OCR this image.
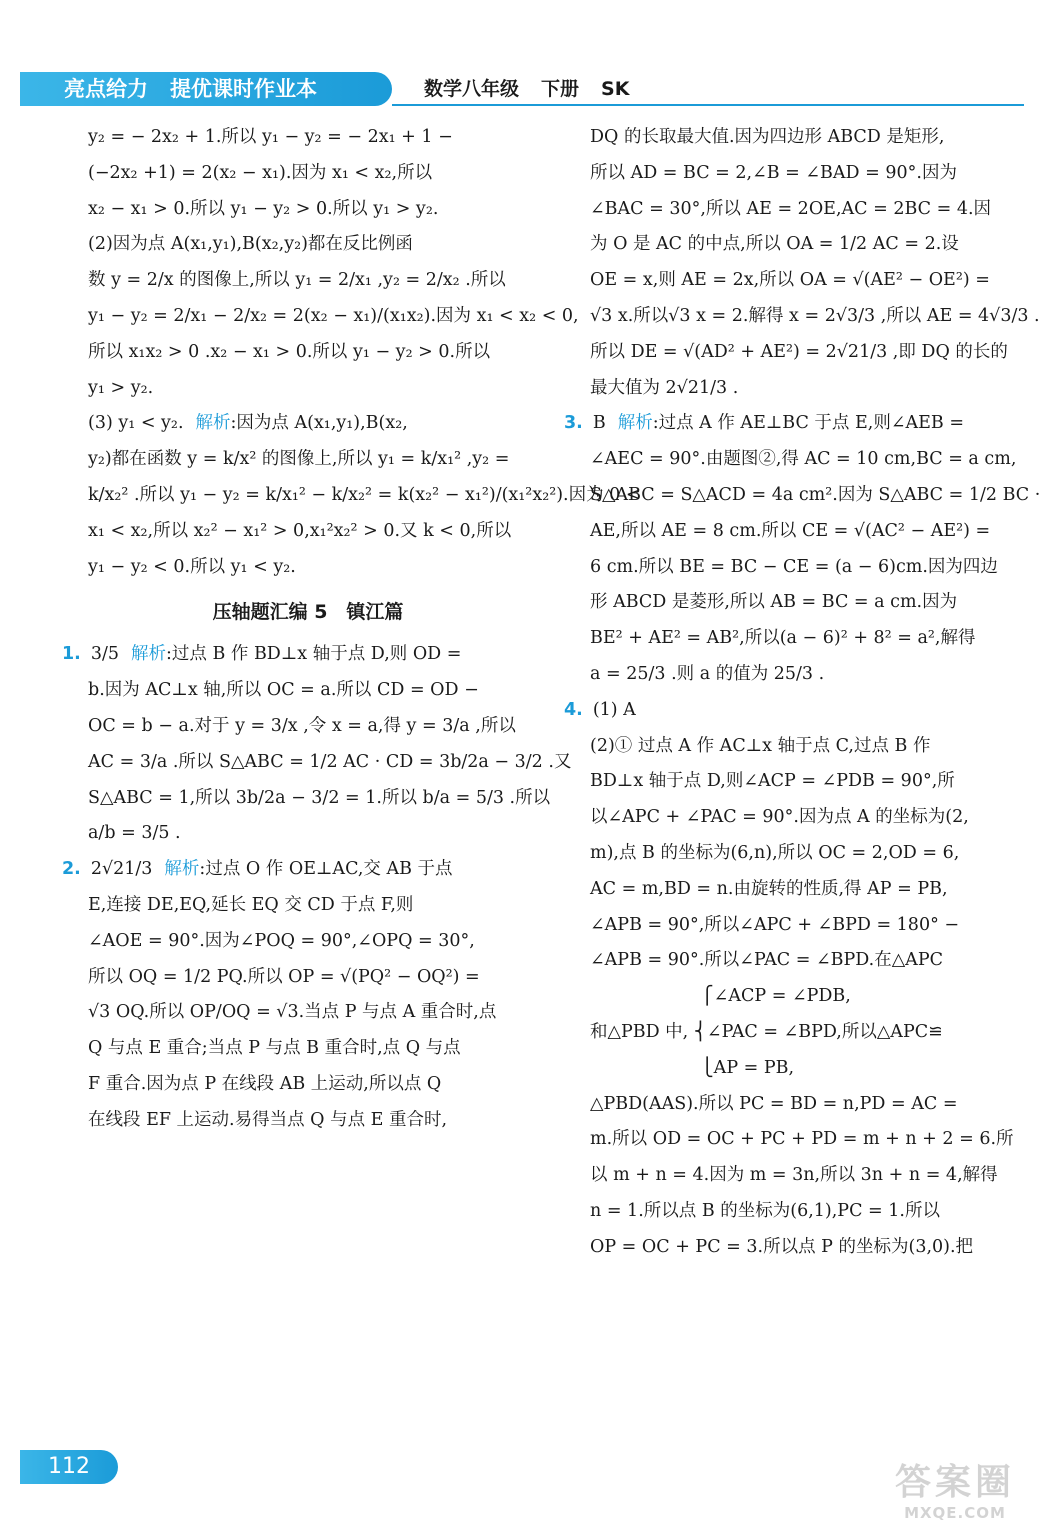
亮点给力 提优课时作业本	数学八年级 下册 SK

y₂ = − 2x₂ + 1.所以 y₁ − y₂ = − 2x₁ + 1 −

(−2x₂ +1) = 2(x₂ − x₁).因为 x₁ < x₂,所以

x₂ − x₁ > 0.所以 y₁ − y₂ > 0.所以 y₁ > y₂.

(2)因为点 A(x₁,y₁),B(x₂,y₂)都在反比例函

数 y = 2/x 的图像上,所以 y₁ = 2/x₁ ,y₂ = 2/x₂ .所以

y₁ − y₂ = 2/x₁ − 2/x₂ = 2(x₂ − x₁)/(x₁x₂).因为 x₁ < x₂ < 0,

所以 x₁x₂ > 0 .x₂ − x₁ > 0.所以 y₁ − y₂ > 0.所以

y₁ > y₂.

(3) y₁ < y₂. 解析:因为点 A(x₁,y₁),B(x₂,

y₂)都在函数 y = k/x² 的图像上,所以 y₁ = k/x₁² ,y₂ =

k/x₂² .所以 y₁ − y₂ = k/x₁² − k/x₂² = k(x₂² − x₁²)/(x₁²x₂²).因为 0 <

x₁ < x₂,所以 x₂² − x₁² > 0,x₁²x₂² > 0.又 k < 0,所以

y₁ − y₂ < 0.所以 y₁ < y₂.

压轴题汇编 5　镇江篇

1. 3/5 解析:过点 B 作 BD⊥x 轴于点 D,则 OD =

b.因为 AC⊥x 轴,所以 OC = a.所以 CD = OD −

OC = b − a.对于 y = 3/x ,令 x = a,得 y = 3/a ,所以

AC = 3/a .所以 S△ABC = 1/2 AC · CD = 3b/2a − 3/2 .又

S△ABC = 1,所以 3b/2a − 3/2 = 1.所以 b/a = 5/3 .所以

a/b = 3/5 .

2. 2√21/3 解析:过点 O 作 OE⊥AC,交 AB 于点

E,连接 DE,EQ,延长 EQ 交 CD 于点 F,则

∠AOE = 90°.因为∠POQ = 90°,∠OPQ = 30°,

所以 OQ = 1/2 PQ.所以 OP = √(PQ² − OQ²) =

√3 OQ.所以 OP/OQ = √3.当点 P 与点 A 重合时,点

Q 与点 E 重合;当点 P 与点 B 重合时,点 Q 与点

F 重合.因为点 P 在线段 AB 上运动,所以点 Q

在线段 EF 上运动.易得当点 Q 与点 E 重合时,

DQ 的长取最大值.因为四边形 ABCD 是矩形,

所以 AD = BC = 2,∠B = ∠BAD = 90°.因为

∠BAC = 30°,所以 AE = 2OE,AC = 2BC = 4.因

为 O 是 AC 的中点,所以 OA = 1/2 AC = 2.设

OE = x,则 AE = 2x,所以 OA = √(AE² − OE²) =

√3 x.所以√3 x = 2.解得 x = 2√3/3 ,所以 AE = 4√3/3 .

所以 DE = √(AD² + AE²) = 2√21/3 ,即 DQ 的长的

最大值为 2√21/3 .

3. B 解析:过点 A 作 AE⊥BC 于点 E,则∠AEB =

∠AEC = 90°.由题图②,得 AC = 10 cm,BC = a cm,

S△ABC = S△ACD = 4a cm².因为 S△ABC = 1/2 BC ·

AE,所以 AE = 8 cm.所以 CE = √(AC² − AE²) =

6 cm.所以 BE = BC − CE = (a − 6)cm.因为四边

形 ABCD 是菱形,所以 AB = BC = a cm.因为

BE² + AE² = AB²,所以(a − 6)² + 8² = a²,解得

a = 25/3 .则 a 的值为 25/3 .

4. (1) A

(2)① 过点 A 作 AC⊥x 轴于点 C,过点 B 作

BD⊥x 轴于点 D,则∠ACP = ∠PDB = 90°,所

以∠APC + ∠PAC = 90°.因为点 A 的坐标为(2,

m),点 B 的坐标为(6,n),所以 OC = 2,OD = 6,

AC = m,BD = n.由旋转的性质,得 AP = PB,

∠APB = 90°,所以∠APC + ∠BPD = 180° −

∠APB = 90°.所以∠PAC = ∠BPD.在△APC

　　　　　　 ⎧∠ACP = ∠PDB,

和△PBD 中, ⎨∠PAC = ∠BPD,所以△APC≌

　　　　　　 ⎩AP = PB,

△PBD(AAS).所以 PC = BD = n,PD = AC =

m.所以 OD = OC + PC + PD = m + n + 2 = 6.所

以 m + n = 4.因为 m = 3n,所以 3n + n = 4,解得

n = 1.所以点 B 的坐标为(6,1),PC = 1.所以

OP = OC + PC = 3.所以点 P 的坐标为(3,0).把

112	答案圈
MXQE.COM
